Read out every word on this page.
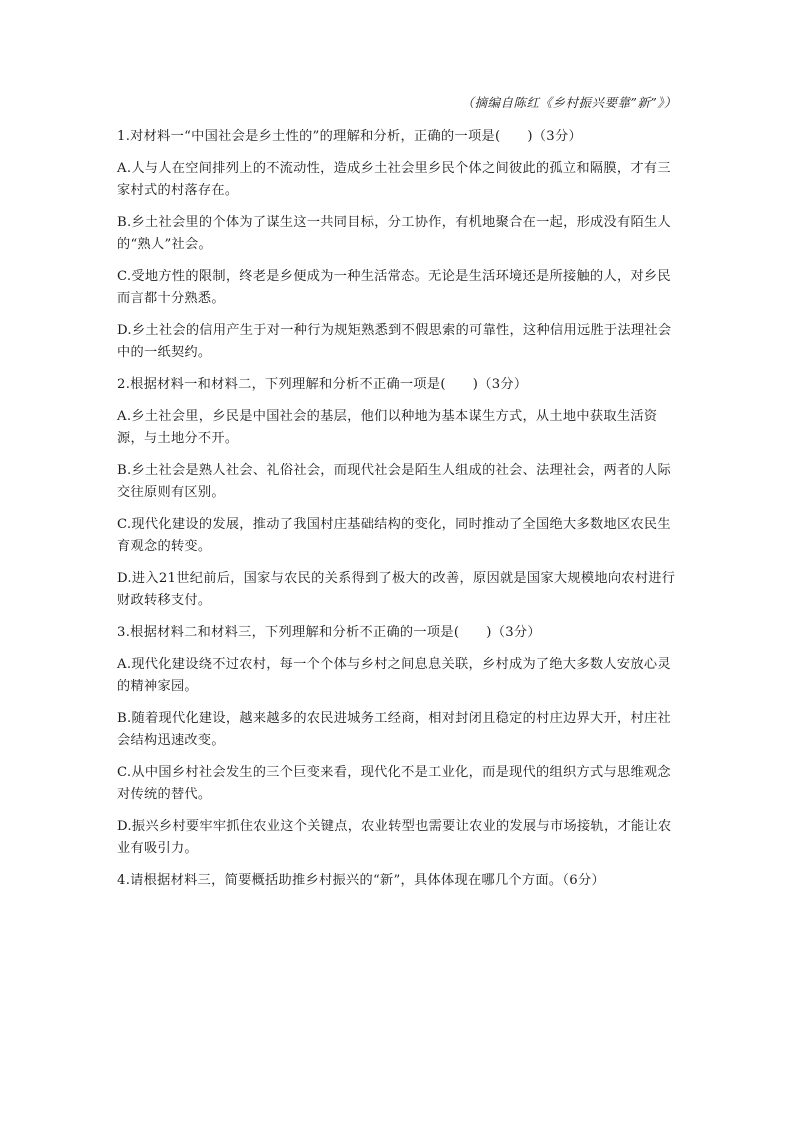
（摘编自陈红《乡村振兴要靠”新”》）

1.对材料一“中国社会是乡土性的”的理解和分析，正确的一项是(　　)（3分）

A.人与人在空间排列上的不流动性，造成乡土社会里乡民个体之间彼此的孤立和隔膜，才有三家村式的村落存在。

B.乡土社会里的个体为了谋生这一共同目标，分工协作，有机地聚合在一起，形成没有陌生人的“熟人”社会。

C.受地方性的限制，终老是乡便成为一种生活常态。无论是生活环境还是所接触的人，对乡民而言都十分熟悉。

D.乡土社会的信用产生于对一种行为规矩熟悉到不假思索的可靠性，这种信用远胜于法理社会中的一纸契约。

2.根据材料一和材料二，下列理解和分析不正确一项是(　　)（3分）

A.乡土社会里，乡民是中国社会的基层，他们以种地为基本谋生方式，从土地中获取生活资源，与土地分不开。

B.乡土社会是熟人社会、礼俗社会，而现代社会是陌生人组成的社会、法理社会，两者的人际交往原则有区别。

C.现代化建设的发展，推动了我国村庄基础结构的变化，同时推动了全国绝大多数地区农民生育观念的转变。

D.进入21世纪前后，国家与农民的关系得到了极大的改善，原因就是国家大规模地向农村进行财政转移支付。

3.根据材料二和材料三，下列理解和分析不正确的一项是(　　)（3分）

A.现代化建设绕不过农村，每一个个体与乡村之间息息关联，乡村成为了绝大多数人安放心灵的精神家园。

B.随着现代化建设，越来越多的农民进城务工经商，相对封闭且稳定的村庄边界大开，村庄社会结构迅速改变。

C.从中国乡村社会发生的三个巨变来看，现代化不是工业化，而是现代的组织方式与思维观念对传统的替代。

D.振兴乡村要牢牢抓住农业这个关键点，农业转型也需要让农业的发展与市场接轨，才能让农业有吸引力。

4.请根据材料三，简要概括助推乡村振兴的“新”，具体体现在哪几个方面。（6分）
